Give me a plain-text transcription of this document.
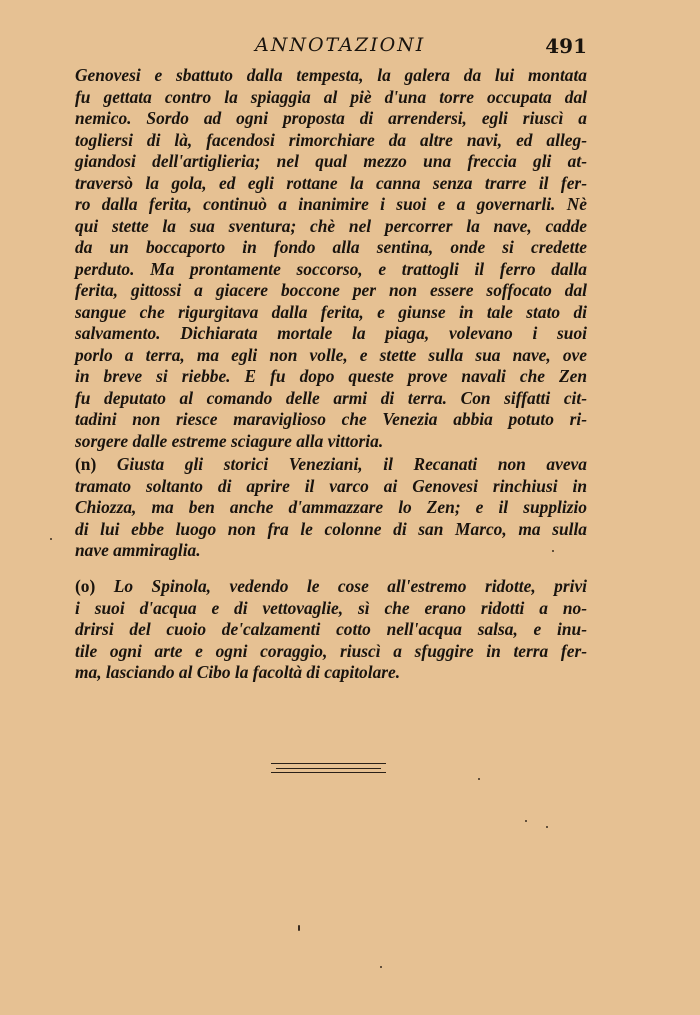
ANNOTAZIONI	491

Genovesi e sbattuto dalla tempesta, la galera da lui montata
fu gettata contro la spiaggia al piè d'una torre occupata dal
nemico. Sordo ad ogni proposta di arrendersi, egli riuscì a
togliersi di là, facendosi rimorchiare da altre navi, ed alleg-
giandosi dell'artiglieria; nel qual mezzo una freccia gli at-
traversò la gola, ed egli rottane la canna senza trarre il fer-
ro dalla ferita, continuò a inanimire i suoi e a governarli. Nè
qui stette la sua sventura; chè nel percorrer la nave, cadde
da un boccaporto in fondo alla sentina, onde si credette
perduto. Ma prontamente soccorso, e trattogli il ferro dalla
ferita, gittossi a giacere boccone per non essere soffocato dal
sangue che rigurgitava dalla ferita, e giunse in tale stato di
salvamento. Dichiarata mortale la piaga, volevano i suoi
porlo a terra, ma egli non volle, e stette sulla sua nave, ove
in breve si riebbe. E fu dopo queste prove navali che Zen
fu deputato al comando delle armi di terra. Con siffatti cit-
tadini non riesce maraviglioso che Venezia abbia potuto ri-
sorgere dalle estreme sciagure alla vittoria.

(n) Giusta gli storici Veneziani, il Recanati non aveva
tramato soltanto di aprire il varco ai Genovesi rinchiusi in
Chiozza, ma ben anche d'ammazzare lo Zen; e il supplizio
di lui ebbe luogo non fra le colonne di san Marco, ma sulla
nave ammiraglia.

(o) Lo Spinola, vedendo le cose all'estremo ridotte, privi
i suoi d'acqua e di vettovaglie, sì che erano ridotti a no-
drirsi del cuoio de'calzamenti cotto nell'acqua salsa, e inu-
tile ogni arte e ogni coraggio, riuscì a sfuggire in terra fer-
ma, lasciando al Cibo la facoltà di capitolare.
